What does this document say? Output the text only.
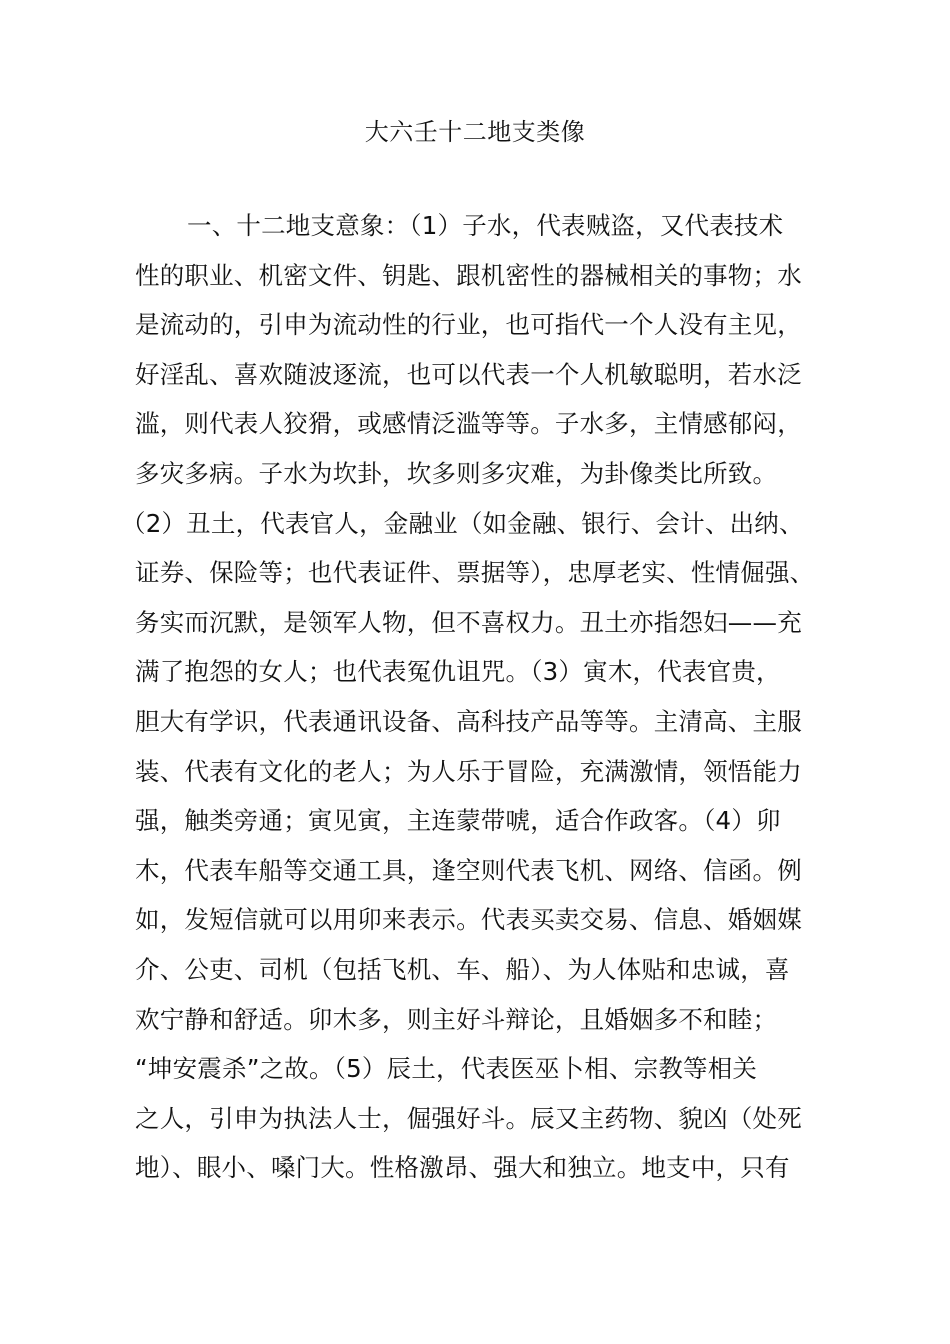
大六壬十二地支类像
一、十二地支意象：（1）子水，代表贼盗，又代表技术
性的职业、机密文件、钥匙、跟机密性的器械相关的事物；水
是流动的，引申为流动性的行业，也可指代一个人没有主见，
好淫乱、喜欢随波逐流，也可以代表一个人机敏聪明，若水泛
滥，则代表人狡猾，或感情泛滥等等。子水多，主情感郁闷，
多灾多病。子水为坎卦，坎多则多灾难，为卦像类比所致。
（2）丑土，代表官人，金融业（如金融、银行、会计、出纳、
证券、保险等；也代表证件、票据等），忠厚老实、性情倔强、
务实而沉默，是领军人物，但不喜权力。丑土亦指怨妇——充
满了抱怨的女人；也代表冤仇诅咒。（3）寅木，代表官贵，
胆大有学识，代表通讯设备、高科技产品等等。主清高、主服
装、代表有文化的老人；为人乐于冒险，充满激情，领悟能力
强，触类旁通；寅见寅，主连蒙带唬，适合作政客。（4）卯
木，代表车船等交通工具，逢空则代表飞机、网络、信函。例
如，发短信就可以用卯来表示。代表买卖交易、信息、婚姻媒
介、公吏、司机（包括飞机、车、船）、为人体贴和忠诚，喜
欢宁静和舒适。卯木多，则主好斗辩论，且婚姻多不和睦；
“坤安震杀”之故。（5）辰土，代表医巫卜相、宗教等相关
之人，引申为执法人士，倔强好斗。辰又主药物、貌凶（处死
地）、眼小、嗓门大。性格激昂、强大和独立。地支中，只有
